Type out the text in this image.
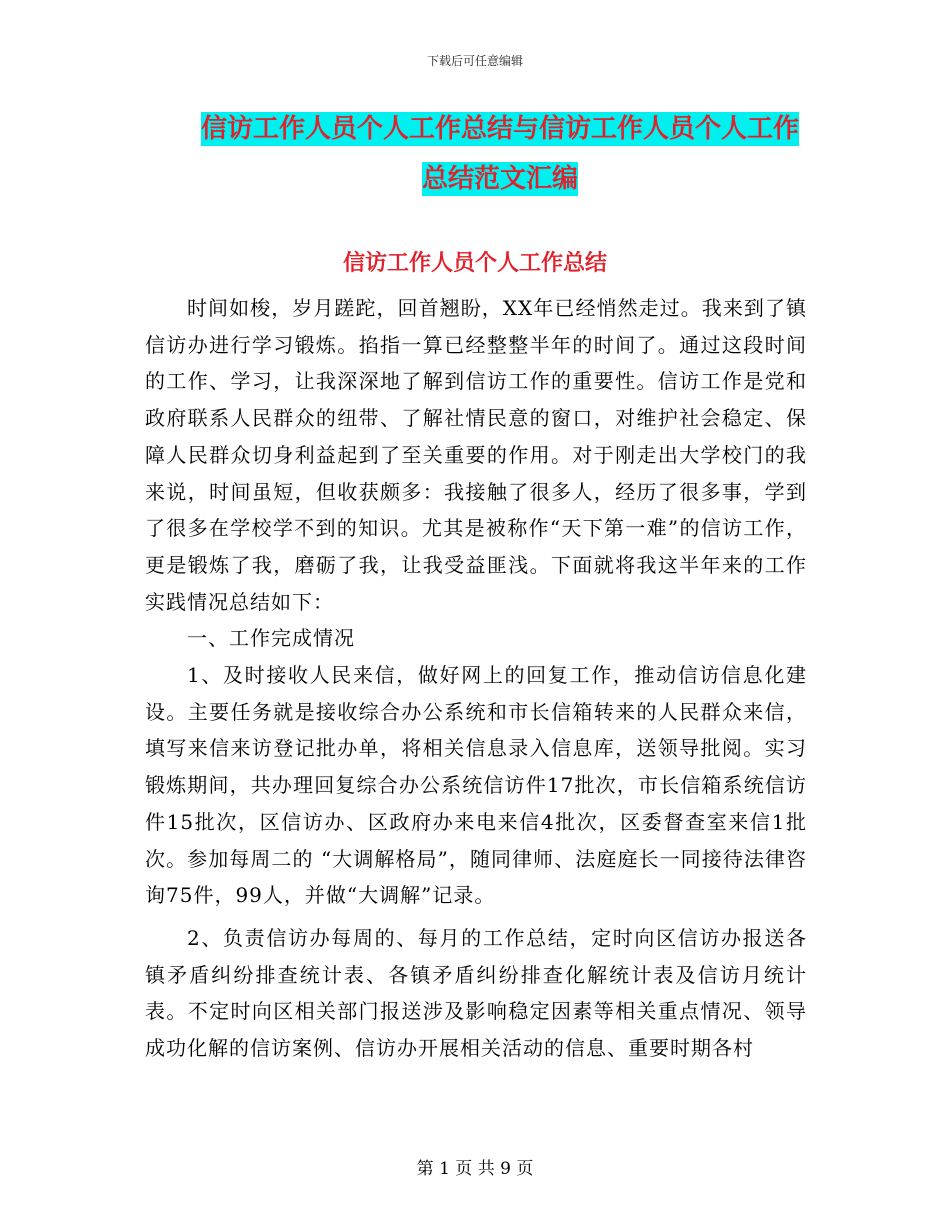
下载后可任意编辑
信访工作人员个人工作总结与信访工作人员个人工作
总结范文汇编
信访工作人员个人工作总结

时间如梭，岁月蹉跎，回首翘盼，XX年已经悄然走过。我来到了镇信访办进行学习锻炼。掐指一算已经整整半年的时间了。通过这段时间的工作、学习，让我深深地了解到信访工作的重要性。信访工作是党和政府联系人民群众的纽带、了解社情民意的窗口，对维护社会稳定、保障人民群众切身利益起到了至关重要的作用。对于刚走出大学校门的我来说，时间虽短，但收获颇多：我接触了很多人，经历了很多事，学到了很多在学校学不到的知识。尤其是被称作“天下第一难”的信访工作，更是锻炼了我，磨砺了我，让我受益匪浅。下面就将我这半年来的工作实践情况总结如下：

一、工作完成情况

1、及时接收人民来信，做好网上的回复工作，推动信访信息化建设。主要任务就是接收综合办公系统和市长信箱转来的人民群众来信，填写来信来访登记批办单，将相关信息录入信息库，送领导批阅。实习锻炼期间，共办理回复综合办公系统信访件17批次，市长信箱系统信访件15批次，区信访办、区政府办来电来信4批次，区委督查室来信1批次。参加每周二的 “大调解格局”，随同律师、法庭庭长一同接待法律咨询75件，99人，并做“大调解”记录。

2、负责信访办每周的、每月的工作总结，定时向区信访办报送各镇矛盾纠纷排查统计表、各镇矛盾纠纷排查化解统计表及信访月统计表。不定时向区相关部门报送涉及影响稳定因素等相关重点情况、领导成功化解的信访案例、信访办开展相关活动的信息、重要时期各村

第 1 页 共 9 页
